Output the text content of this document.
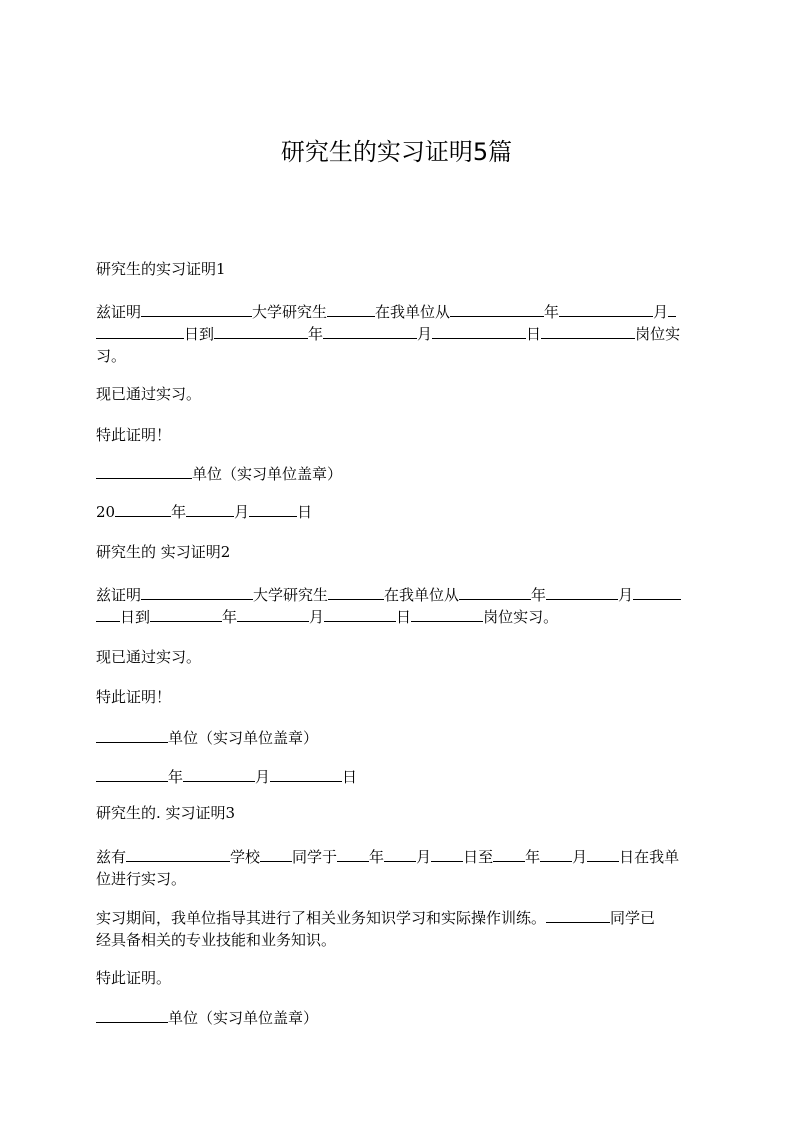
研究生的实习证明5篇
研究生的实习证明1
兹证明	大学研究生	在我单位从	年	月
日到	年	月	日	岗位实
习。
现已通过实习。
特此证明！
单位（实习单位盖章）
20	年	月	日
研究生的 实习证明2
兹证明	大学研究生	在我单位从	年	月
日到	年	月	日	岗位实习。
现已通过实习。
特此证明！
单位（实习单位盖章）
年	月	日
研究生的. 实习证明3
兹有	学校 同学于 年 月 日至 年 月 日在我单
位进行实习。
实习期间，我单位指导其进行了相关业务知识学习和实际操作训练。	同学已
经具备相关的专业技能和业务知识。
特此证明。
单位（实习单位盖章）
